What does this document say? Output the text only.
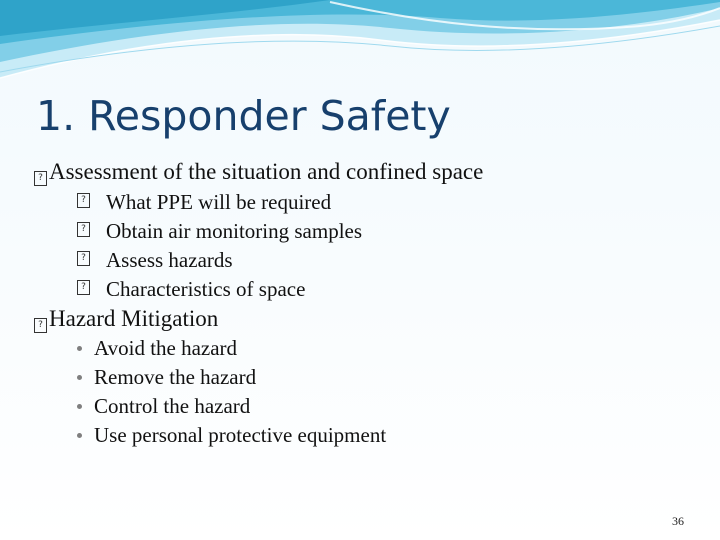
1. Responder Safety
? Assessment of the situation and confined space
? What PPE will be required
? Obtain air monitoring samples
? Assess hazards
? Characteristics of space
? Hazard Mitigation
Avoid the hazard
Remove the hazard
Control the hazard
Use personal protective equipment
36
